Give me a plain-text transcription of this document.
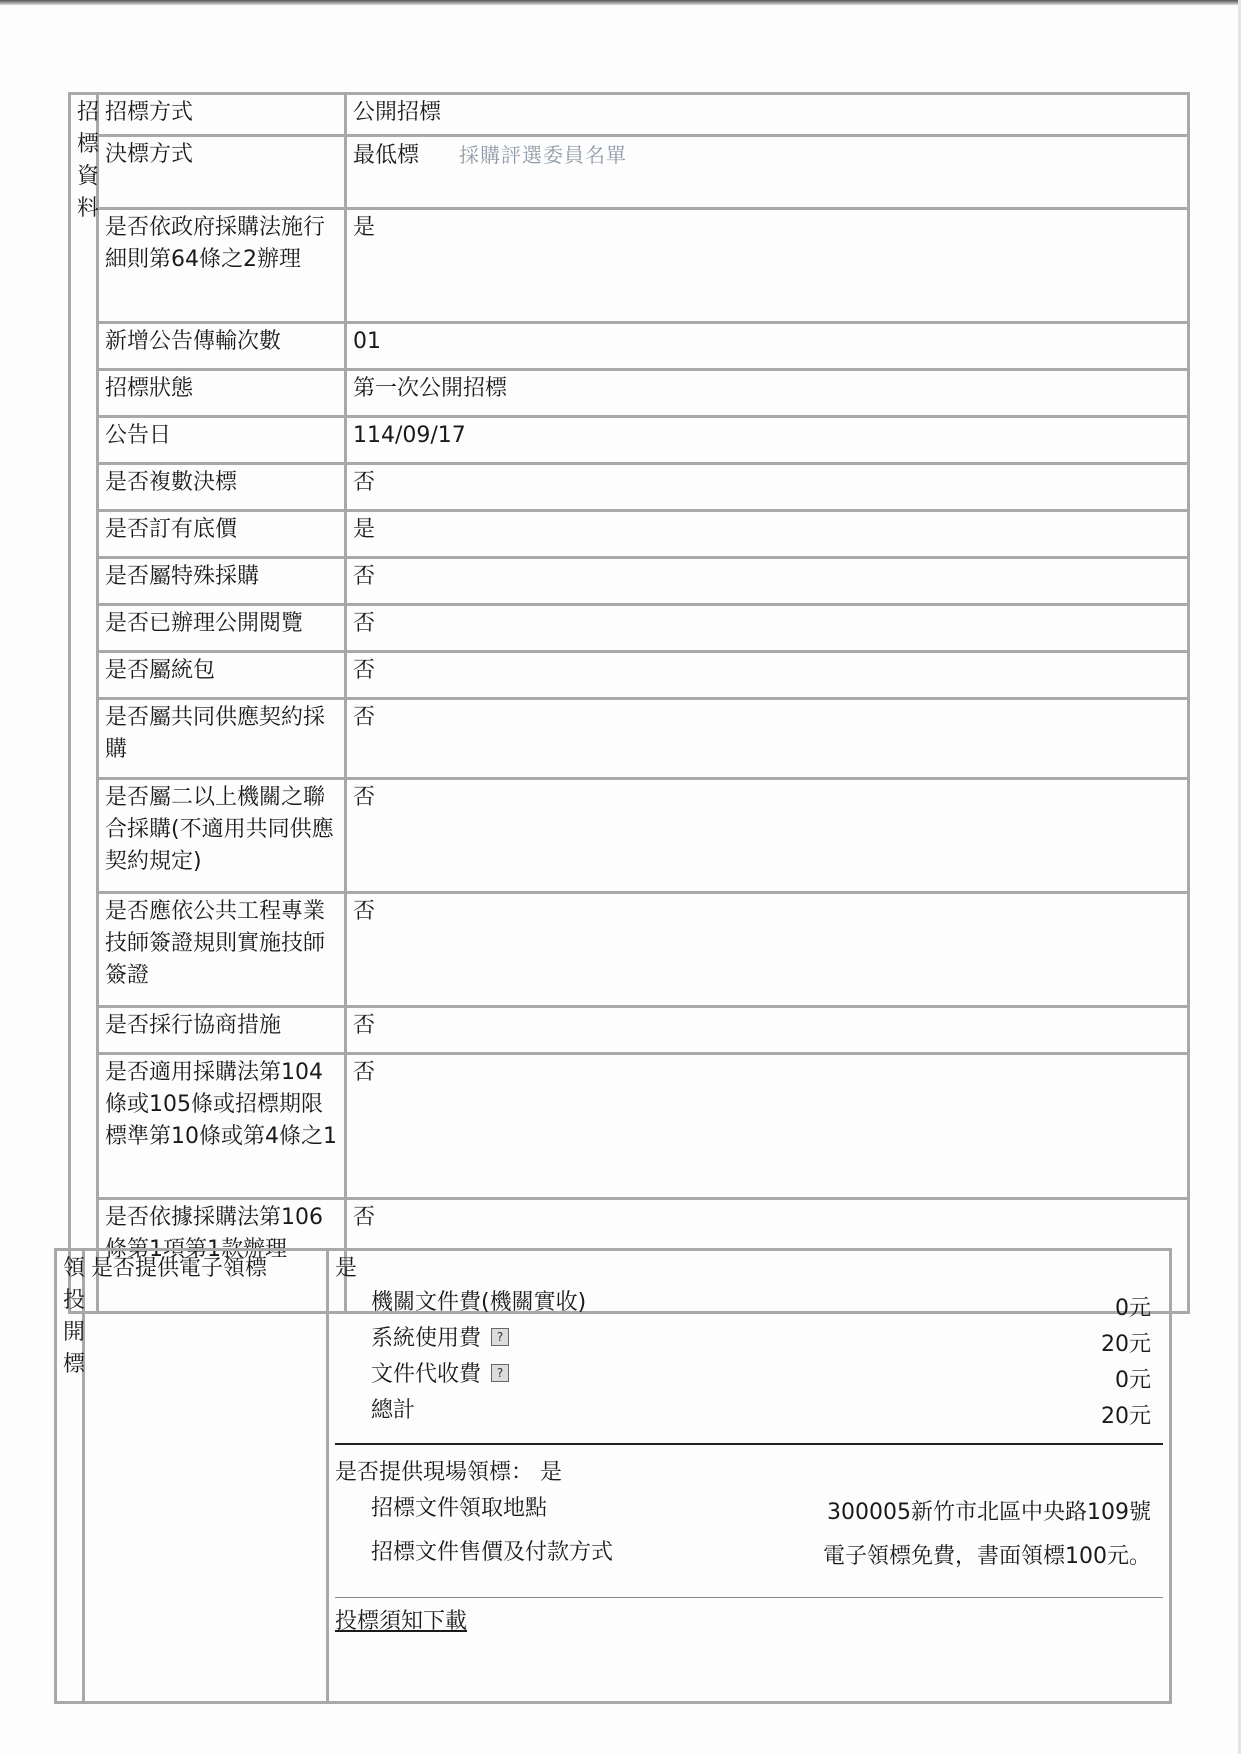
招
標
資
料	招標方式	公開招標
	決標方式	最低標 採購評選委員名單
	是否依政府採購法施行細則第64條之2辦理	是
	新增公告傳輸次數	01
	招標狀態	第一次公開招標
	公告日	114/09/17
	是否複數決標	否
	是否訂有底價	是
	是否屬特殊採購	否
	是否已辦理公開閱覽	否
	是否屬統包	否
	是否屬共同供應契約採購	否
	是否屬二以上機關之聯合採購(不適用共同供應契約規定)	否
	是否應依公共工程專業技師簽證規則實施技師簽證	否
	是否採行協商措施	否
	是否適用採購法第104條或105條或招標期限標準第10條或第4條之1	否
	是否依據採購法第106條第1項第1款辦理	否
領
投
開
標
	是否提供電子領標	是
機關文件費(機關實收)	0元
系統使用費 ?	20元
文件代收費 ?	0元
總計	20元
是否提供現場領標： 是
招標文件領取地點	300005新竹市北區中央路109號
招標文件售價及付款方式	電子領標免費，書面領標100元。
投標須知下載
